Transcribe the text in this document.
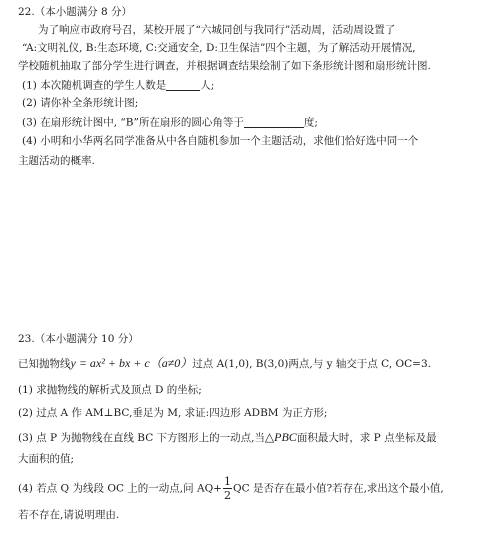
22.（本小题满分 8 分）
为了响应市政府号召，某校开展了“六城同创与我同行”活动周，活动周设置了
“A:文明礼仪, B:生态环境, C:交通安全, D:卫生保洁”四个主题，为了解活动开展情况,
学校随机抽取了部分学生进行调查，并根据调查结果绘制了如下条形统计图和扇形统计图.
(1) 本次随机调查的学生人数是	人;
(2) 请你补全条形统计图;
(3) 在扇形统计图中, “B”所在扇形的圆心角等于	度;
(4) 小明和小华两名同学准备从中各自随机参加一个主题活动，求他们恰好选中同一个
主题活动的概率.
23.（本小题满分 10 分）
已知抛物线y = ax² + bx + c（a≠0）过点 A(1,0), B(3,0)两点,与 y 轴交于点 C, OC=3.
(1) 求抛物线的解析式及顶点 D 的坐标;
(2) 过点 A 作 AM⊥BC,垂足为 M, 求证:四边形 ADBM 为正方形;
(3) 点 P 为抛物线在直线 BC 下方图形上的一动点,当△PBC面积最大时，求 P 点坐标及最
大面积的值;
(4) 若点 Q 为线段 OC 上的一动点,问 $AQ+ \frac{1}{2}$ QC 是否存在最小值?若存在,求出这个最小值,
若不存在,请说明理由.
